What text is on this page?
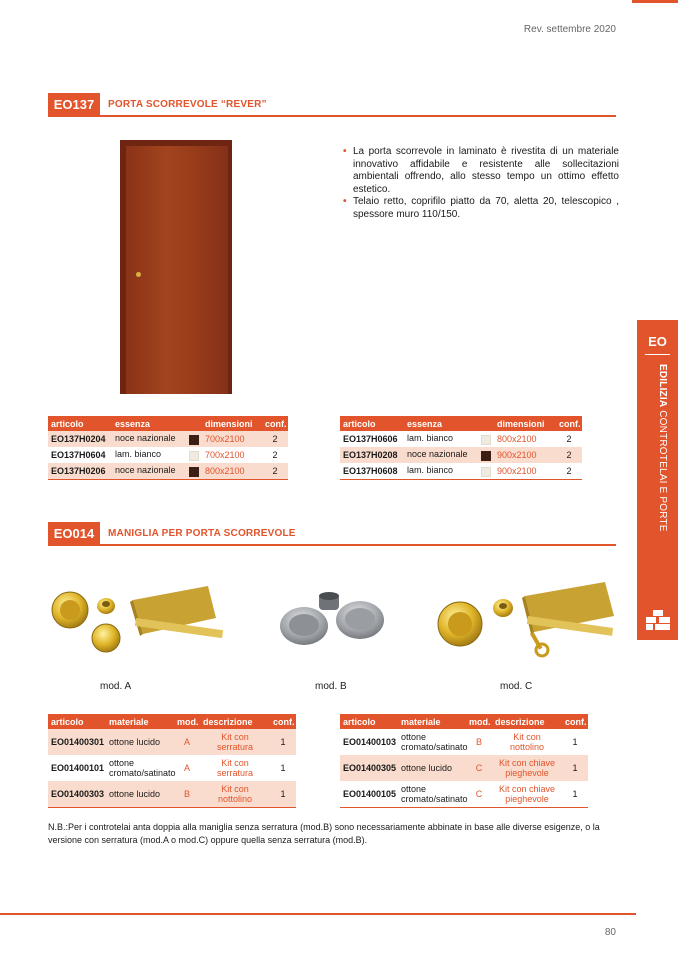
Rev. settembre 2020
EO137	PORTA SCORREVOLE “REVER”
• La porta scorrevole in laminato è rivestita di un materiale innovativo affidabile e resistente alle sollecitazioni ambientali offrendo, allo stesso tempo un ottimo effetto estetico.
• Telaio retto, coprifilo piatto da 70, aletta 20, telescopico , spessore muro 110/150.
articolo	essenza	dimensioni	conf.
EO137H0204	noce nazionale	700x2100	2
EO137H0604	lam. bianco	700x2100	2
EO137H0206	noce nazionale	800x2100	2
articolo	essenza	dimensioni	conf.
EO137H0606	lam. bianco	800x2100	2
EO137H0208	noce nazionale	900x2100	2
EO137H0608	lam. bianco	900x2100	2
EO014	MANIGLIA PER PORTA SCORREVOLE
mod. A	mod. B	mod. C
articolo	materiale	mod.	descrizione	conf.
EO01400301	ottone lucido	A	Kit con serratura	1
EO01400101	ottone cromato/satinato	A	Kit con serratura	1
EO01400303	ottone lucido	B	Kit con nottolino	1
articolo	materiale	mod.	descrizione	conf.
EO01400103	ottone cromato/satinato	B	Kit con nottolino	1
EO01400305	ottone lucido	C	Kit con chiave pieghevole	1
EO01400105	ottone cromato/satinato	C	Kit con chiave pieghevole	1
N.B.:Per i controtelai anta doppia alla maniglia senza serratura (mod.B) sono necessariamente abbinate in base alle diverse esigenze, o la versione con serratura (mod.A o mod.C) oppure quella senza serratura (mod.B).
EO
EDILIZIA CONTROTELAI E PORTE
80
